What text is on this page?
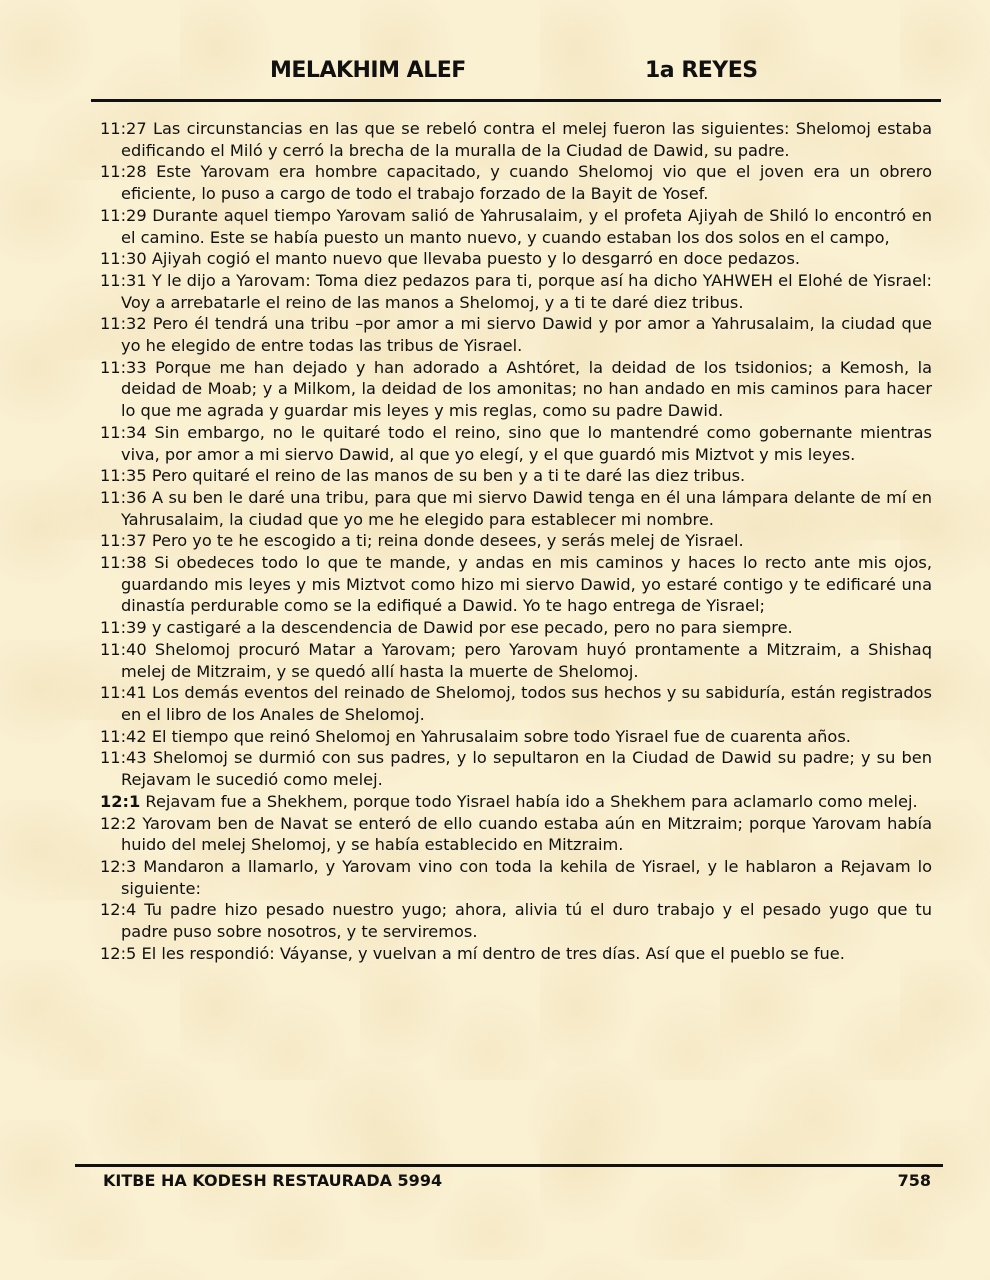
MELAKHIM ALEF	1a REYES

11:27 Las circunstancias en las que se rebeló contra el melej fueron las siguientes: Shelomoj estaba edificando el Miló y cerró la brecha de la muralla de la Ciudad de Dawid, su padre.

11:28 Este Yarovam era hombre capacitado, y cuando Shelomoj vio que el joven era un obrero eficiente, lo puso a cargo de todo el trabajo forzado de la Bayit de Yosef.

11:29 Durante aquel tiempo Yarovam salió de Yahrusalaim, y el profeta Ajiyah de Shiló lo encontró en el camino. Este se había puesto un manto nuevo, y cuando estaban los dos solos en el campo,

11:30 Ajiyah cogió el manto nuevo que llevaba puesto y lo desgarró en doce pedazos.

11:31 Y le dijo a Yarovam: Toma diez pedazos para ti, porque así ha dicho YAHWEH el Elohé de Yisrael: Voy a arrebatarle el reino de las manos a Shelomoj, y a ti te daré diez tribus.

11:32 Pero él tendrá una tribu –por amor a mi siervo Dawid y por amor a Yahrusalaim, la ciudad que yo he elegido de entre todas las tribus de Yisrael.

11:33 Porque me han dejado y han adorado a Ashtóret, la deidad de los tsidonios; a Kemosh, la deidad de Moab; y a Milkom, la deidad de los amonitas; no han andado en mis caminos para hacer lo que me agrada y guardar mis leyes y mis reglas, como su padre Dawid.

11:34 Sin embargo, no le quitaré todo el reino, sino que lo mantendré como gobernante mientras viva, por amor a mi siervo Dawid, al que yo elegí, y el que guardó mis Miztvot y mis leyes.

11:35 Pero quitaré el reino de las manos de su ben y a ti te daré las diez tribus.

11:36 A su ben le daré una tribu, para que mi siervo Dawid tenga en él una lámpara delante de mí en Yahrusalaim, la ciudad que yo me he elegido para establecer mi nombre.

11:37 Pero yo te he escogido a ti; reina donde desees, y serás melej de Yisrael.

11:38 Si obedeces todo lo que te mande, y andas en mis caminos y haces lo recto ante mis ojos, guardando mis leyes y mis Miztvot como hizo mi siervo Dawid, yo estaré contigo y te edificaré una dinastía perdurable como se la edifiqué a Dawid. Yo te hago entrega de Yisrael;

11:39 y castigaré a la descendencia de Dawid por ese pecado, pero no para siempre.

11:40 Shelomoj procuró Matar a Yarovam; pero Yarovam huyó prontamente a Mitzraim, a Shishaq melej de Mitzraim, y se quedó allí hasta la muerte de Shelomoj.

11:41 Los demás eventos del reinado de Shelomoj, todos sus hechos y su sabiduría, están registrados en el libro de los Anales de Shelomoj.

11:42 El tiempo que reinó Shelomoj en Yahrusalaim sobre todo Yisrael fue de cuarenta años.

11:43 Shelomoj se durmió con sus padres, y lo sepultaron en la Ciudad de Dawid su padre; y su ben Rejavam le sucedió como melej.

12:1 Rejavam fue a Shekhem, porque todo Yisrael había ido a Shekhem para aclamarlo como melej.

12:2 Yarovam ben de Navat se enteró de ello cuando estaba aún en Mitzraim; porque Yarovam había huido del melej Shelomoj, y se había establecido en Mitzraim.

12:3 Mandaron a llamarlo, y Yarovam vino con toda la kehila de Yisrael, y le hablaron a Rejavam lo siguiente:

12:4 Tu padre hizo pesado nuestro yugo; ahora, alivia tú el duro trabajo y el pesado yugo que tu padre puso sobre nosotros, y te serviremos.

12:5 El les respondió: Váyanse, y vuelvan a mí dentro de tres días. Así que el pueblo se fue.

KITBE HA KODESH RESTAURADA 5994	758
